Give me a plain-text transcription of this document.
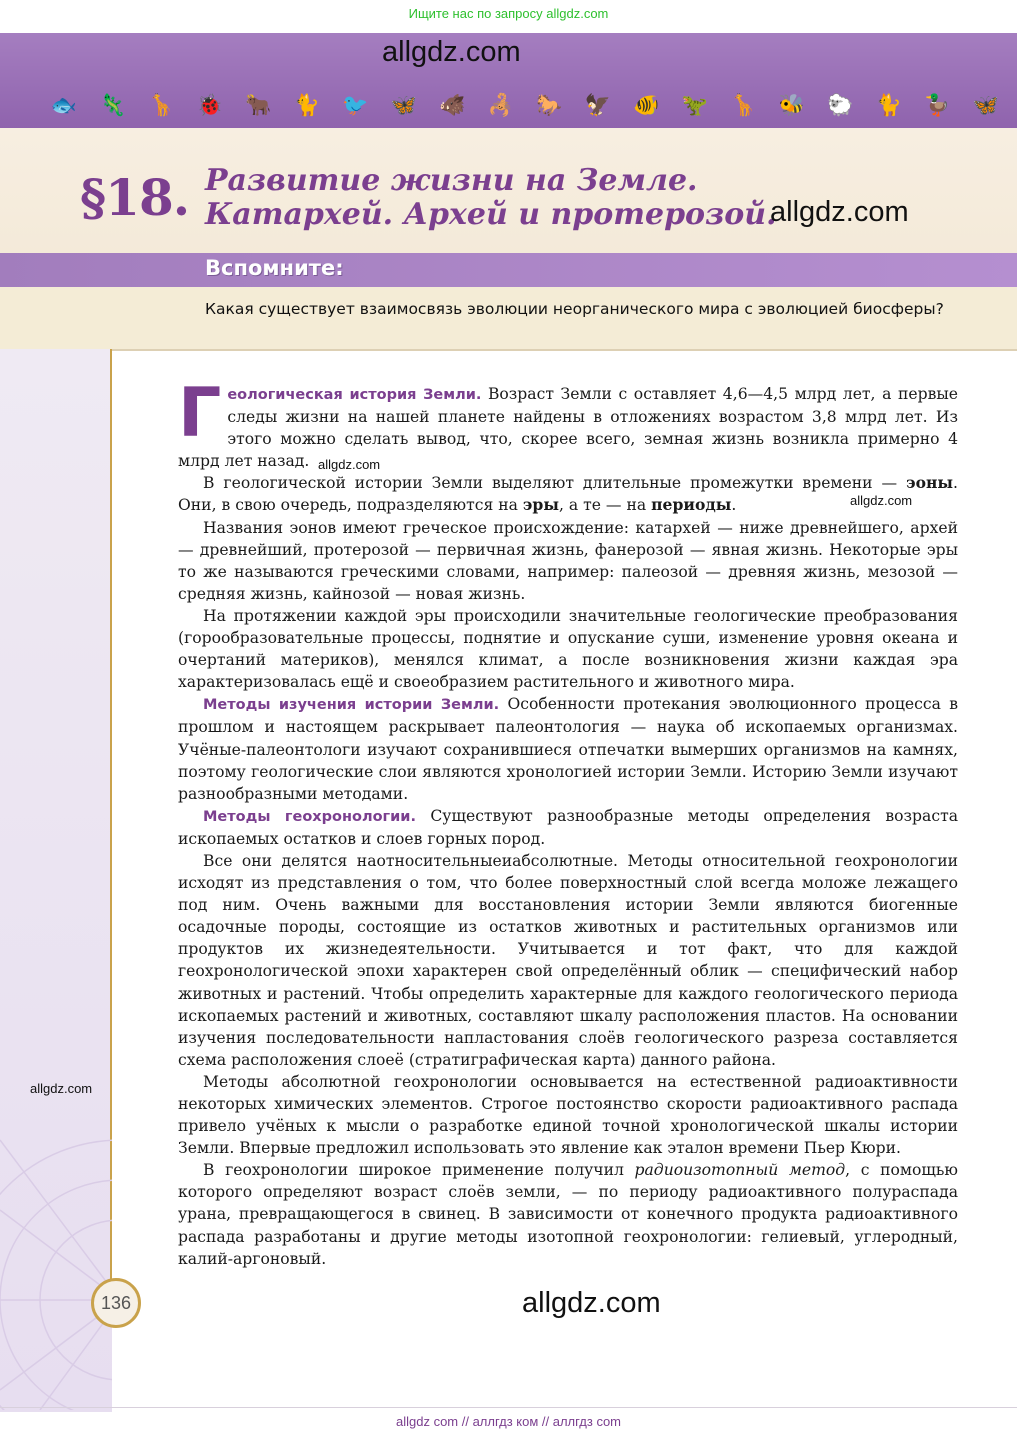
Ищите нас по запросу allgdz.com
allgdz.com
🐟 🦎 🦒 🐞 🐂 🐈 🐦 🦋 🐗 🦂 🐎 🦅 🐠 🦖 🦒 🐝 🐑 🐈 🦆 🦋
§18. Развитие жизни на Земле.
Катархей. Архей и протерозой.
allgdz.com
Вспомните:
Какая существует взаимосвязь эволюции неорганического мира с эволюцией биосферы?
allgdz.com
136

Геологическая история Земли. Возраст Земли с оставляет 4,6—4,5 млрд лет, а первые следы жизни на нашей планете найдены в отложениях возрастом 3,8 млрд лет. Из этого можно сделать вывод, что, скорее всего, земная жизнь возникла примерно 4 млрд лет назад.

В геологической истории Земли выделяют длительные промежутки времени — эоны. Они, в свою очередь, подразделяются на эры, а те — на периоды.

Названия эонов имеют греческое происхождение: катархей — ниже древнейшего, архей — древнейший, протерозой — первичная жизнь, фанерозой — явная жизнь. Некоторые эры то же называются греческими словами, например: палеозой — древняя жизнь, мезозой — средняя жизнь, кайнозой — новая жизнь.

На протяжении каждой эры происходили значительные геологические преобразования (горообразовательные процессы, поднятие и опускание суши, изменение уровня океана и очертаний материков), менялся климат, а после возникновения жизни каждая эра характеризовалась ещё и своеобразием растительного и животного мира.

Методы изучения истории Земли. Особенности протекания эволюционного процесса в прошлом и настоящем раскрывает палеонтология — наука об ископаемых организмах. Учёные-палеонтологи изучают сохранившиеся отпечатки вымерших организмов на камнях, поэтому геологические слои являются хронологией истории Земли. Историю Земли изучают разнообразными методами.

Методы геохронологии. Существуют разнообразные методы определения возраста ископаемых остатков и слоев горных пород.

Все они делятся наотносительныеиабсолютные. Методы относительной геохронологии исходят из представления о том, что более поверхностный слой всегда моложе лежащего под ним. Очень важными для восстановления истории Земли являются биогенные осадочные породы, состоящие из остатков животных и растительных организмов или продуктов их жизнедеятельности. Учитывается и тот факт, что для каждой геохронологической эпохи характерен свой определённый облик — специфический набор животных и растений. Чтобы определить характерные для каждого геологического периода ископаемых растений и животных, составляют шкалу расположения пластов. На основании изучения последовательности напластования слоёв геологического разреза составляется схема расположения слоеё (стратиграфическая карта) данного района.

Методы абсолютной геохронологии основывается на естественной радиоактивности некоторых химических элементов. Строгое постоянство скорости радиоактивного распада привело учёных к мысли о разработке единой точной хронологической шкалы истории Земли. Впервые предложил использовать это явление как эталон времени Пьер Кюри.

В геохронологии широкое применение получил радиоизотопный метод, с помощью которого определяют возраст слоёв земли, — по периоду радиоактивного полураспада урана, превращающегося в свинец. В зависимости от конечного продукта радиоактивного распада разработаны и другие методы изотопной геохронологии: гелиевый, углеродный, калий-аргоновый.

allgdz.com
allgdz.com
allgdz.com
allgdz com // аллгдз ком // аллгдз com
